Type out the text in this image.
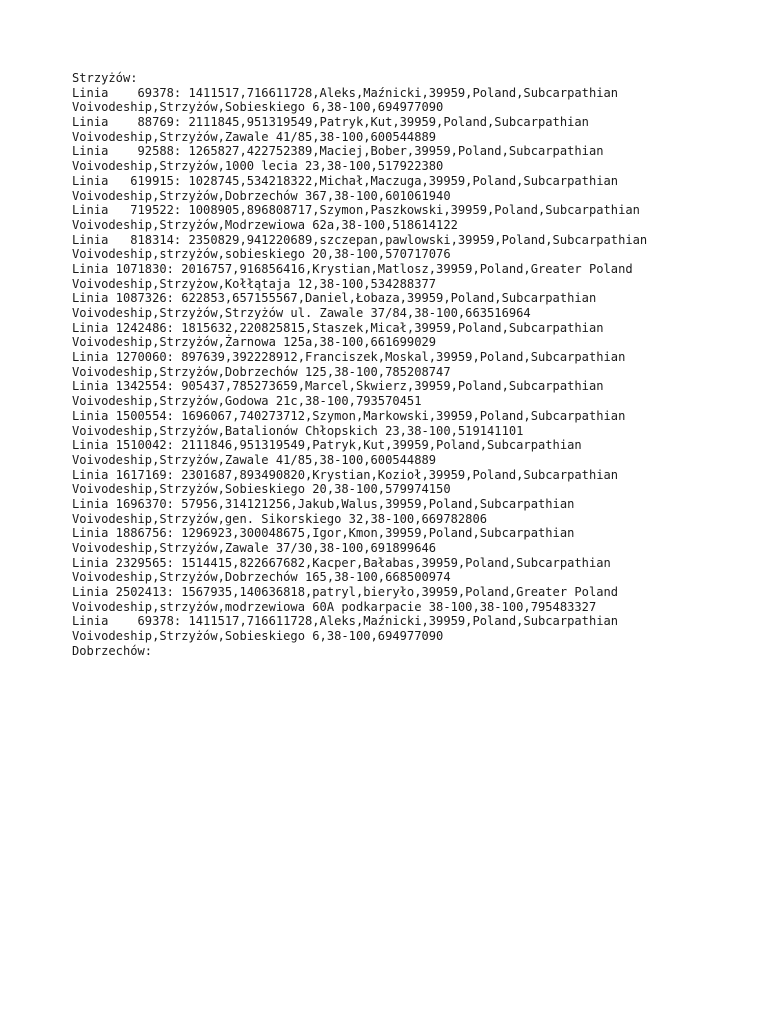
Strzyżów:
Linia    69378: 1411517,716611728,Aleks,Maźnicki,39959,Poland,Subcarpathian
Voivodeship,Strzyżów,Sobieskiego 6,38-100,694977090
Linia    88769: 2111845,951319549,Patryk,Kut,39959,Poland,Subcarpathian
Voivodeship,Strzyżów,Zawale 41/85,38-100,600544889
Linia    92588: 1265827,422752389,Maciej,Bober,39959,Poland,Subcarpathian
Voivodeship,Strzyżów,1000 lecia 23,38-100,517922380
Linia   619915: 1028745,534218322,Michał,Maczuga,39959,Poland,Subcarpathian
Voivodeship,Strzyżów,Dobrzechów 367,38-100,601061940
Linia   719522: 1008905,896808717,Szymon,Paszkowski,39959,Poland,Subcarpathian
Voivodeship,Strzyżów,Modrzewiowa 62a,38-100,518614122
Linia   818314: 2350829,941220689,szczepan,pawlowski,39959,Poland,Subcarpathian
Voivodeship,strzyżów,sobieskiego 20,38-100,570717076
Linia 1071830: 2016757,916856416,Krystian,Matlosz,39959,Poland,Greater Poland
Voivodeship,Strzyżow,Kołłątaja 12,38-100,534288377
Linia 1087326: 622853,657155567,Daniel,Łobaza,39959,Poland,Subcarpathian
Voivodeship,Strzyżów,Strzyżów ul. Zawale 37/84,38-100,663516964
Linia 1242486: 1815632,220825815,Staszek,Micał,39959,Poland,Subcarpathian
Voivodeship,Strzyżów,Żarnowa 125a,38-100,661699029
Linia 1270060: 897639,392228912,Franciszek,Moskal,39959,Poland,Subcarpathian
Voivodeship,Strzyżów,Dobrzechów 125,38-100,785208747
Linia 1342554: 905437,785273659,Marcel,Skwierz,39959,Poland,Subcarpathian
Voivodeship,Strzyżów,Godowa 21c,38-100,793570451
Linia 1500554: 1696067,740273712,Szymon,Markowski,39959,Poland,Subcarpathian
Voivodeship,Strzyżów,Batalionów Chłopskich 23,38-100,519141101
Linia 1510042: 2111846,951319549,Patryk,Kut,39959,Poland,Subcarpathian
Voivodeship,Strzyżów,Zawale 41/85,38-100,600544889
Linia 1617169: 2301687,893490820,Krystian,Kozioł,39959,Poland,Subcarpathian
Voivodeship,Strzyżów,Sobieskiego 20,38-100,579974150
Linia 1696370: 57956,314121256,Jakub,Walus,39959,Poland,Subcarpathian
Voivodeship,Strzyżów,gen. Sikorskiego 32,38-100,669782806
Linia 1886756: 1296923,300048675,Igor,Kmon,39959,Poland,Subcarpathian
Voivodeship,Strzyżów,Zawale 37/30,38-100,691899646
Linia 2329565: 1514415,822667682,Kacper,Bałabas,39959,Poland,Subcarpathian
Voivodeship,Strzyżów,Dobrzechów 165,38-100,668500974
Linia 2502413: 1567935,140636818,patryl,bieryło,39959,Poland,Greater Poland
Voivodeship,strzyżów,modrzewiowa 60A podkarpacie 38-100,38-100,795483327
Linia    69378: 1411517,716611728,Aleks,Maźnicki,39959,Poland,Subcarpathian
Voivodeship,Strzyżów,Sobieskiego 6,38-100,694977090
Dobrzechów:
